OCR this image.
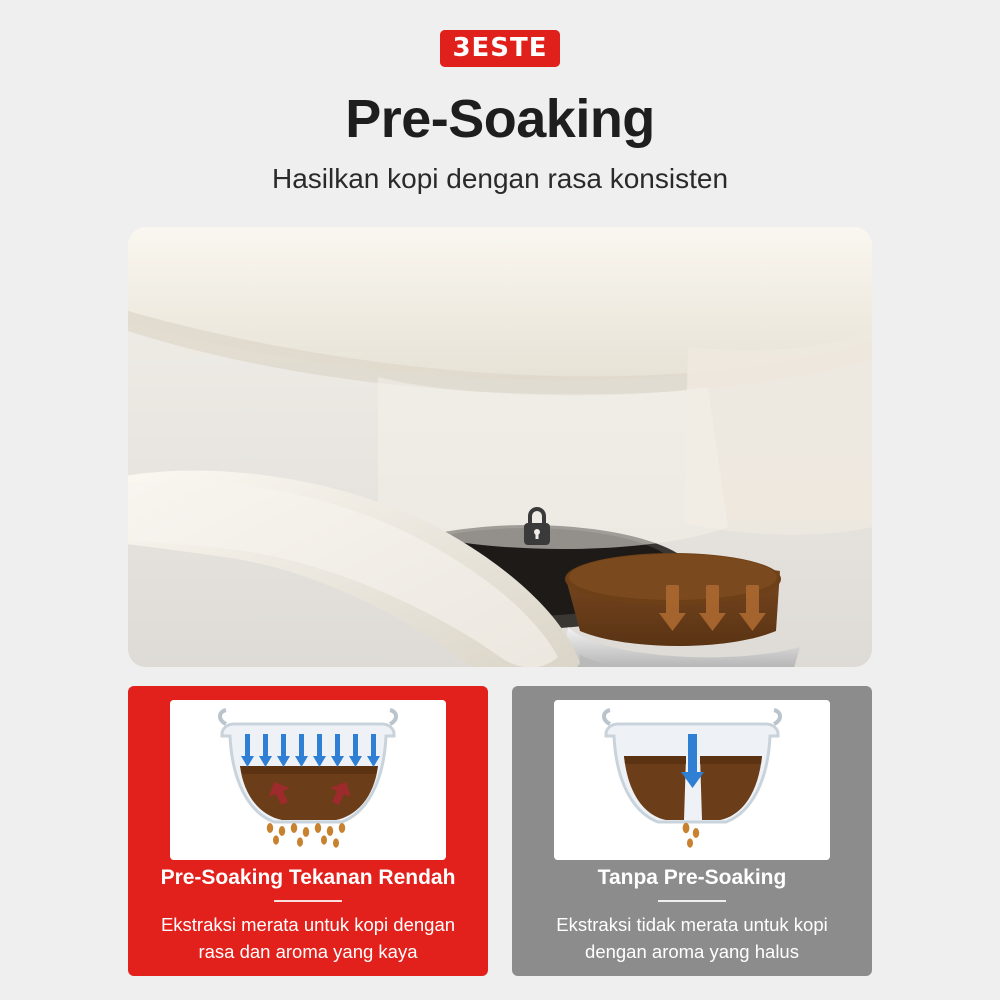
3ESTE
Pre-Soaking
Hasilkan kopi dengan rasa konsisten
Pre-Soaking Tekanan Rendah
Ekstraksi merata untuk kopi dengan rasa dan aroma yang kaya
Tanpa Pre-Soaking
Ekstraksi tidak merata untuk kopi dengan aroma yang halus
